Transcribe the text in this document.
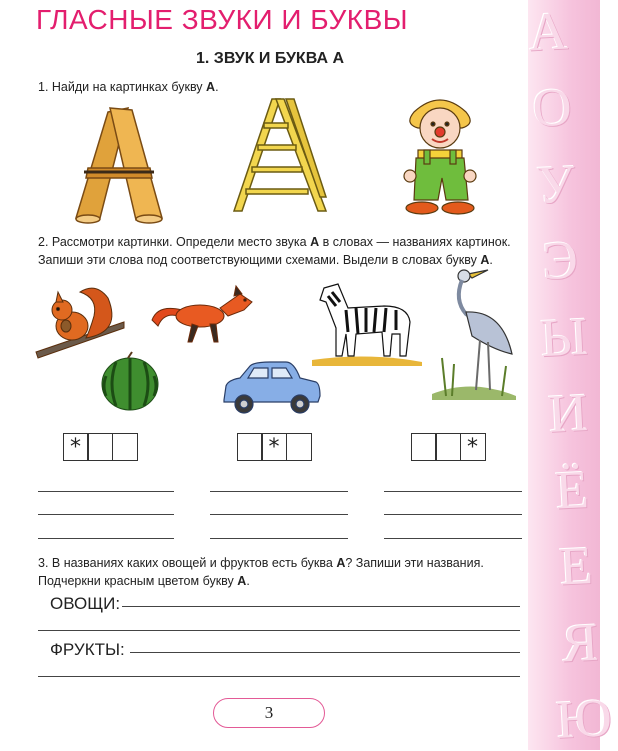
А
О
У
Э
Ы
И
Ё
Е
Я
Ю
ГЛАСНЫЕ ЗВУКИ И БУКВЫ
1. ЗВУК И БУКВА А
1. Найди на картинках букву А.
2. Рассмотри картинки. Определи место звука А в словах — названиях картинок. Запиши эти слова под соответствующими схемами. Выдели в словах букву А.
*	*	*
3. В названиях каких овощей и фруктов есть буква А? Запиши эти названия. Подчеркни красным цветом букву А.
ОВОЩИ:
ФРУКТЫ:
3
